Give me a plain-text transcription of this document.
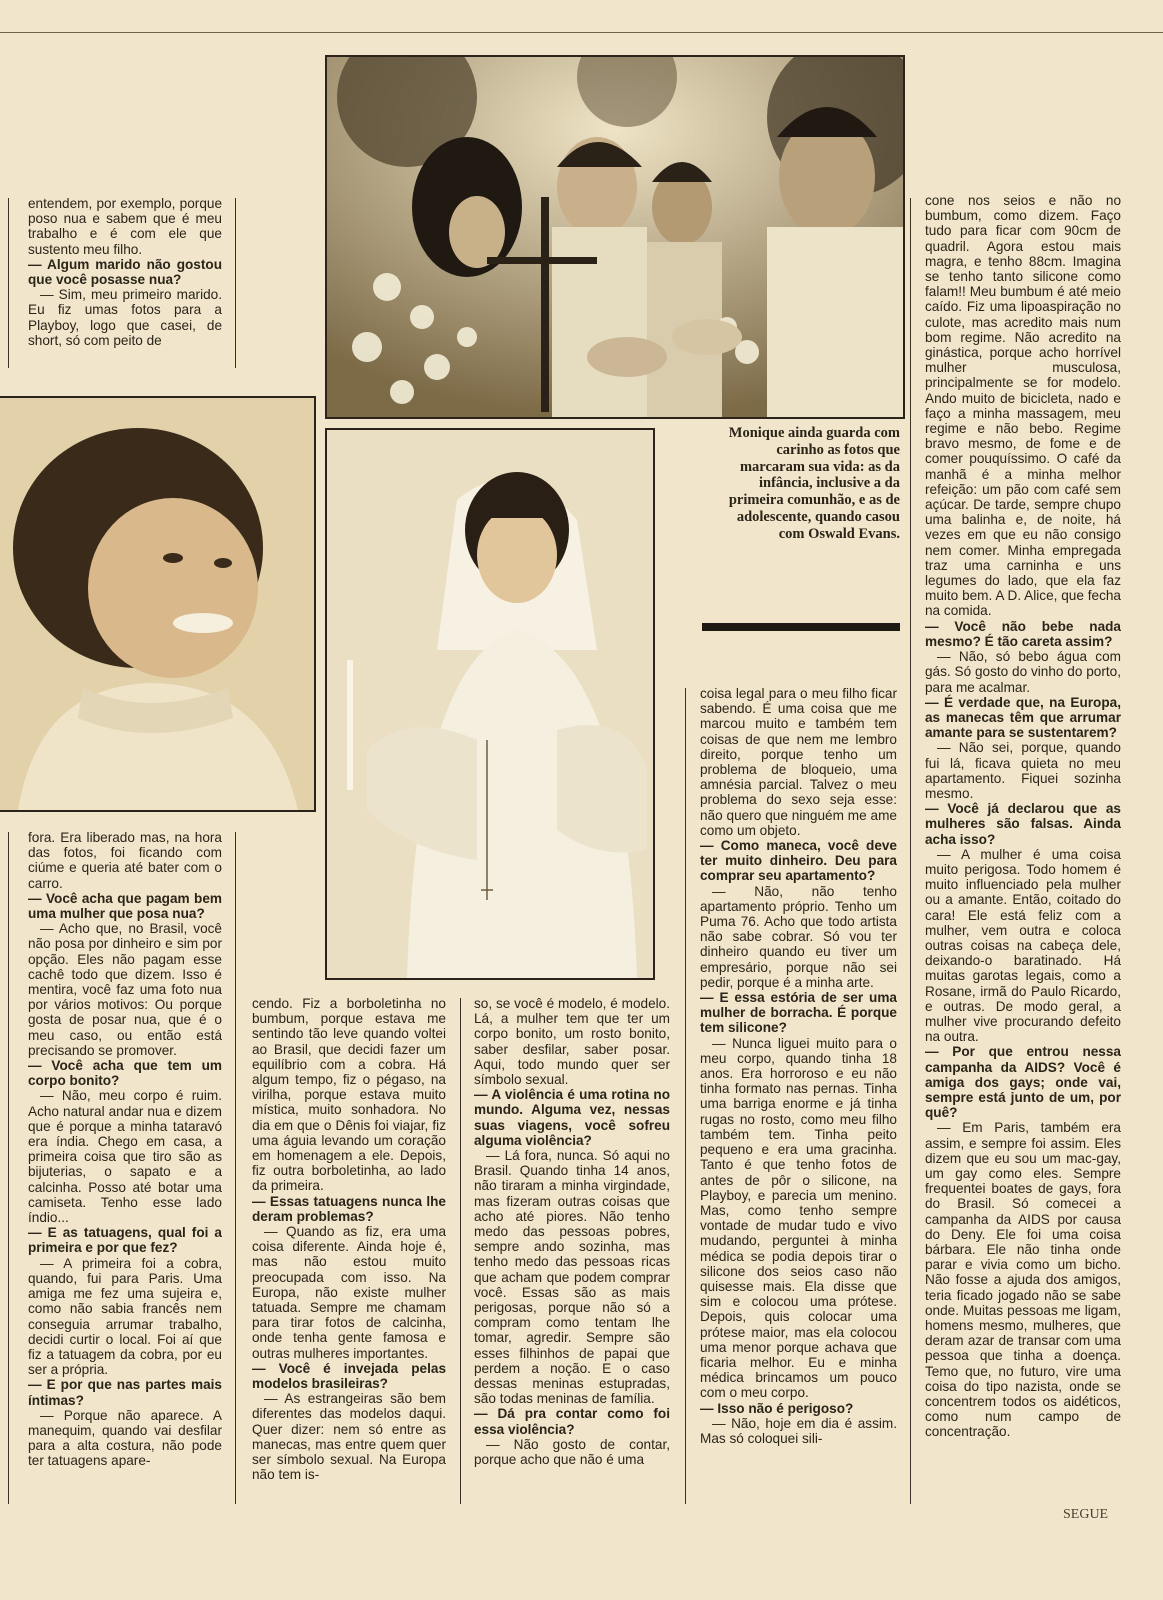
Monique ainda guarda com carinho as fotos que marcaram sua vida: as da infância, inclusive a da primeira comunhão, e as de adolescente, quando casou com Oswald Evans.

entendem, por exemplo, porque poso nua e sabem que é meu trabalho e é com ele que sustento meu filho.

— Algum marido não gostou que você posasse nua?

— Sim, meu primeiro marido. Eu fiz umas fotos para a Playboy, logo que casei, de short, só com peito de

fora. Era liberado mas, na hora das fotos, foi ficando com ciúme e queria até bater com o carro.

— Você acha que pagam bem uma mulher que posa nua?

— Acho que, no Brasil, você não posa por dinheiro e sim por opção. Eles não pagam esse cachê todo que dizem. Isso é mentira, você faz uma foto nua por vários motivos: Ou porque gosta de posar nua, que é o meu caso, ou então está precisando se promover.

— Você acha que tem um corpo bonito?

— Não, meu corpo é ruim. Acho natural andar nua e dizem que é porque a minha tataravó era índia. Chego em casa, a primeira coisa que tiro são as bijuterias, o sapato e a calcinha. Posso até botar uma camiseta. Tenho esse lado índio...

— E as tatuagens, qual foi a primeira e por que fez?

— A primeira foi a cobra, quando, fui para Paris. Uma amiga me fez uma sujeira e, como não sabia francês nem conseguia arrumar trabalho, decidi curtir o local. Foi aí que fiz a tatuagem da cobra, por eu ser a própria.

— E por que nas partes mais íntimas?

— Porque não aparece. A manequim, quando vai desfilar para a alta costura, não pode ter tatuagens apare-

cendo. Fiz a borboletinha no bumbum, porque estava me sentindo tão leve quando voltei ao Brasil, que decidi fazer um equilíbrio com a cobra. Há algum tempo, fiz o pégaso, na virilha, porque estava muito mística, muito sonhadora. No dia em que o Dênis foi viajar, fiz uma águia levando um coração em homenagem a ele. Depois, fiz outra borboletinha, ao lado da primeira.

— Essas tatuagens nunca lhe deram problemas?

— Quando as fiz, era uma coisa diferente. Ainda hoje é, mas não estou muito preocupada com isso. Na Europa, não existe mulher tatuada. Sempre me chamam para tirar fotos de calcinha, onde tenha gente famosa e outras mulheres importantes.

— Você é invejada pelas modelos brasileiras?

— As estrangeiras são bem diferentes das modelos daqui. Quer dizer: nem só entre as manecas, mas entre quem quer ser símbolo sexual. Na Europa não tem is-

so, se você é modelo, é modelo. Lá, a mulher tem que ter um corpo bonito, um rosto bonito, saber desfilar, saber posar. Aqui, todo mundo quer ser símbolo sexual.

— A violência é uma rotina no mundo. Alguma vez, nessas suas viagens, você sofreu alguma violência?

— Lá fora, nunca. Só aqui no Brasil. Quando tinha 14 anos, não tiraram a minha virgindade, mas fizeram outras coisas que acho até piores. Não tenho medo das pessoas pobres, sempre ando sozinha, mas tenho medo das pessoas ricas que acham que podem comprar você. Essas são as mais perigosas, porque não só a compram como tentam lhe tomar, agredir. Sempre são esses filhinhos de papai que perdem a noção. E o caso dessas meninas estupradas, são todas meninas de família.

— Dá pra contar como foi essa violência?

— Não gosto de contar, porque acho que não é uma

coisa legal para o meu filho ficar sabendo. É uma coisa que me marcou muito e também tem coisas de que nem me lembro direito, porque tenho um problema de bloqueio, uma amnésia parcial. Talvez o meu problema do sexo seja esse: não quero que ninguém me ame como um objeto.

— Como maneca, você deve ter muito dinheiro. Deu para comprar seu apartamento?

— Não, não tenho apartamento próprio. Tenho um Puma 76. Acho que todo artista não sabe cobrar. Só vou ter dinheiro quando eu tiver um empresário, porque não sei pedir, porque é a minha arte.

— E essa estória de ser uma mulher de borracha. É porque tem silicone?

— Nunca liguei muito para o meu corpo, quando tinha 18 anos. Era horroroso e eu não tinha formato nas pernas. Tinha uma barriga enorme e já tinha rugas no rosto, como meu filho também tem. Tinha peito pequeno e era uma gracinha. Tanto é que tenho fotos de antes de pôr o silicone, na Playboy, e parecia um menino. Mas, como tenho sempre vontade de mudar tudo e vivo mudando, perguntei à minha médica se podia depois tirar o silicone dos seios caso não quisesse mais. Ela disse que sim e colocou uma prótese. Depois, quis colocar uma prótese maior, mas ela colocou uma menor porque achava que ficaria melhor. Eu e minha médica brincamos um pouco com o meu corpo.

— Isso não é perigoso?

— Não, hoje em dia é assim. Mas só coloquei sili-

cone nos seios e não no bumbum, como dizem. Faço tudo para ficar com 90cm de quadril. Agora estou mais magra, e tenho 88cm. Imagina se tenho tanto silicone como falam!! Meu bumbum é até meio caído. Fiz uma lipoaspiração no culote, mas acredito mais num bom regime. Não acredito na ginástica, porque acho horrível mulher musculosa, principalmente se for modelo. Ando muito de bicicleta, nado e faço a minha massagem, meu regime e não bebo. Regime bravo mesmo, de fome e de comer pouquíssimo. O café da manhã é a minha melhor refeição: um pão com café sem açúcar. De tarde, sempre chupo uma balinha e, de noite, há vezes em que eu não consigo nem comer. Minha empregada traz uma carninha e uns legumes do lado, que ela faz muito bem. A D. Alice, que fecha na comida.

— Você não bebe nada mesmo? É tão careta assim?

— Não, só bebo água com gás. Só gosto do vinho do porto, para me acalmar.

— É verdade que, na Europa, as manecas têm que arrumar amante para se sustentarem?

— Não sei, porque, quando fui lá, ficava quieta no meu apartamento. Fiquei sozinha mesmo.

— Você já declarou que as mulheres são falsas. Ainda acha isso?

— A mulher é uma coisa muito perigosa. Todo homem é muito influenciado pela mulher ou a amante. Então, coitado do cara! Ele está feliz com a mulher, vem outra e coloca outras coisas na cabeça dele, deixando-o baratinado. Há muitas garotas legais, como a Rosane, irmã do Paulo Ricardo, e outras. De modo geral, a mulher vive procurando defeito na outra.

— Por que entrou nessa campanha da AIDS? Você é amiga dos gays; onde vai, sempre está junto de um, por quê?

— Em Paris, também era assim, e sempre foi assim. Eles dizem que eu sou um mac-gay, um gay como eles. Sempre frequentei boates de gays, fora do Brasil. Só comecei a campanha da AIDS por causa do Deny. Ele foi uma coisa bárbara. Ele não tinha onde parar e vivia como um bicho. Não fosse a ajuda dos amigos, teria ficado jogado não se sabe onde. Muitas pessoas me ligam, homens mesmo, mulheres, que deram azar de transar com uma pessoa que tinha a doença. Temo que, no futuro, vire uma coisa do tipo nazista, onde se concentrem todos os aidéticos, como num campo de concentração.

SEGUE
